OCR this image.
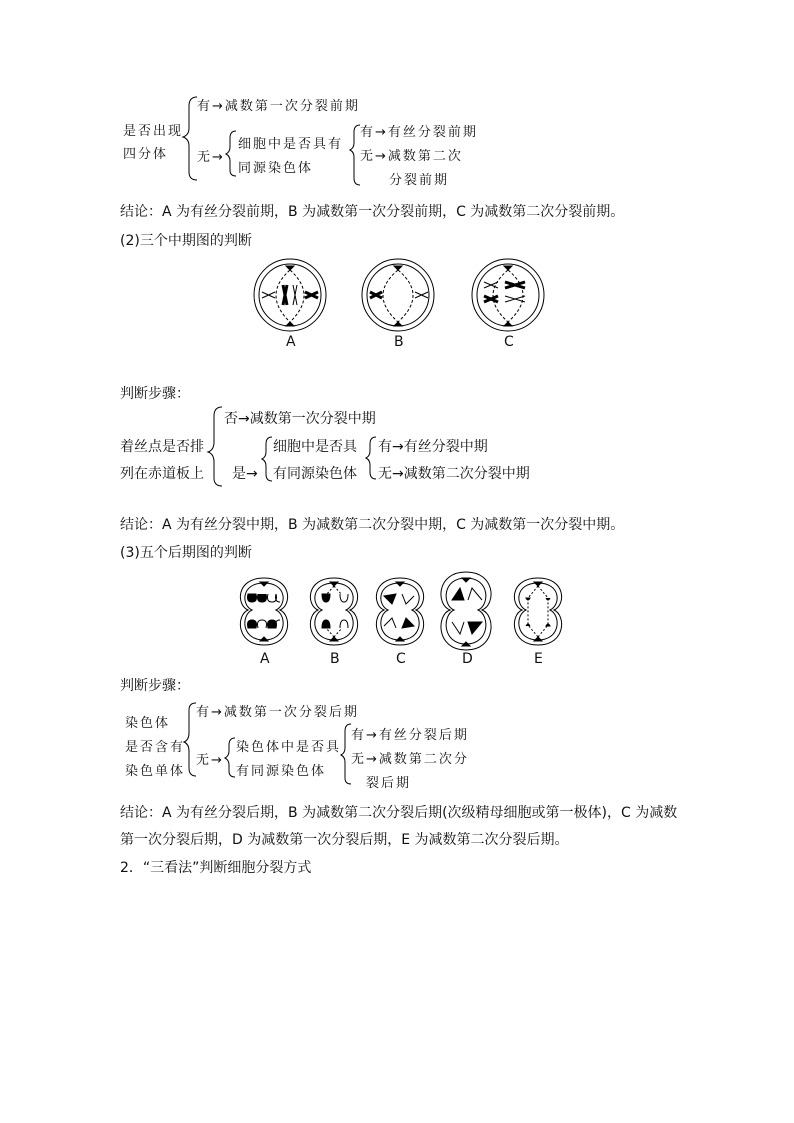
是否出现
四分体
有→减数第一次分裂前期
无→
细胞中是否具有
同源染色体
有→有丝分裂前期
无→减数第二次
分裂前期

结论：A 为有丝分裂前期，B 为减数第一次分裂前期，C 为减数第二次分裂前期。

(2)三个中期图的判断

A	B	C

判断步骤：

着丝点是否排
列在赤道板上
否→减数第一次分裂中期
是→
细胞中是否具
有同源染色体
有→有丝分裂中期
无→减数第二次分裂中期

结论：A 为有丝分裂中期，B 为减数第二次分裂中期，C 为减数第一次分裂中期。

(3)五个后期图的判断

A	B	C	D	E

判断步骤：

染色体
是否含有
染色单体
有→减数第一次分裂后期
无→
染色体中是否具
有同源染色体
有→有丝分裂后期
无→减数第二次分
裂后期

结论：A 为有丝分裂后期，B 为减数第二次分裂后期(次级精母细胞或第一极体)，C 为减数

第一次分裂后期，D 为减数第一次分裂后期，E 为减数第二次分裂后期。

2．“三看法”判断细胞分裂方式
